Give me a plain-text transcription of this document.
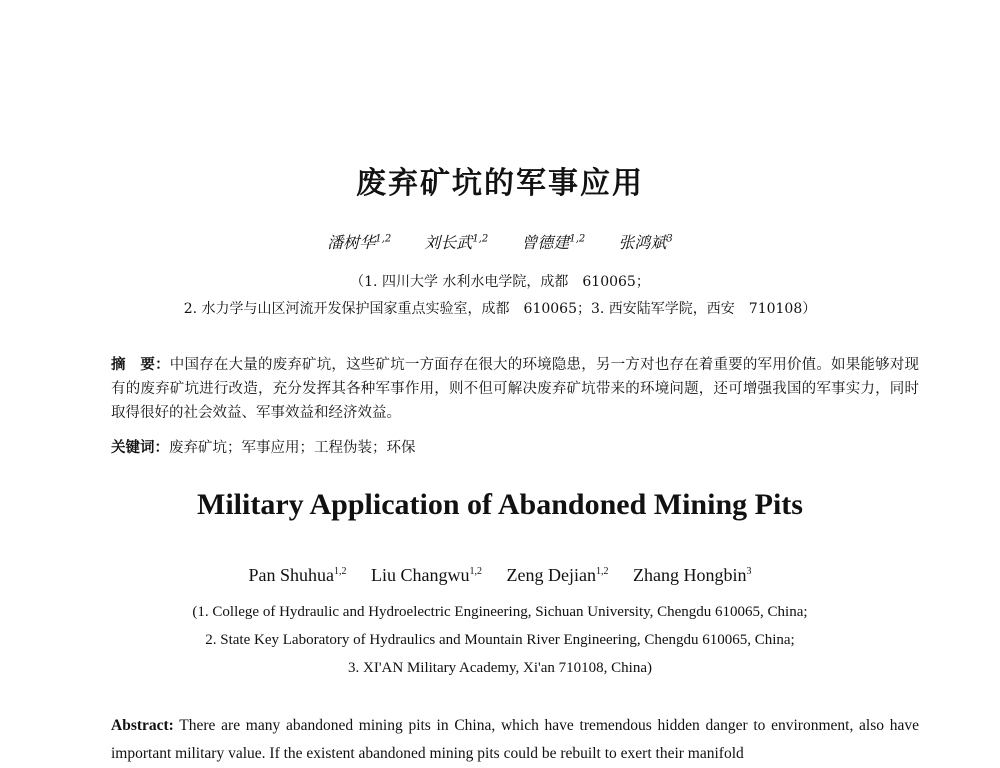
废弃矿坑的军事应用
潘树华$^{1,2}$ 刘长武$^{1,2}$ 曾德建$^{1,2}$ 张鸿斌$^3$
（1. 四川大学 水利水电学院，成都　610065；
2. 水力学与山区河流开发保护国家重点实验室，成都　610065；3. 西安陆军学院，西安　710108）
摘　要：中国存在大量的废弃矿坑，这些矿坑一方面存在很大的环境隐患，另一方对也存在着重要的军用价值。如果能够对现有的废弃矿坑进行改造，充分发挥其各种军事作用，则不但可解决废弃矿坑带来的环境问题，还可增强我国的军事实力，同时取得很好的社会效益、军事效益和经济效益。
关键词：废弃矿坑；军事应用；工程伪装；环保
Military Application of Abandoned Mining Pits
Pan Shuhua$^{1,2}$ Liu Changwu$^{1,2}$ Zeng Dejian$^{1,2}$ Zhang Hongbin$^3$
(1. College of Hydraulic and Hydroelectric Engineering, Sichuan University, Chengdu 610065, China;
2. State Key Laboratory of Hydraulics and Mountain River Engineering, Chengdu 610065, China;
3. XI'AN Military Academy, Xi'an 710108, China)
Abstract: There are many abandoned mining pits in China, which have tremendous hidden danger to environment, also have important military value. If the existent abandoned mining pits could be rebuilt to exert their manifold
